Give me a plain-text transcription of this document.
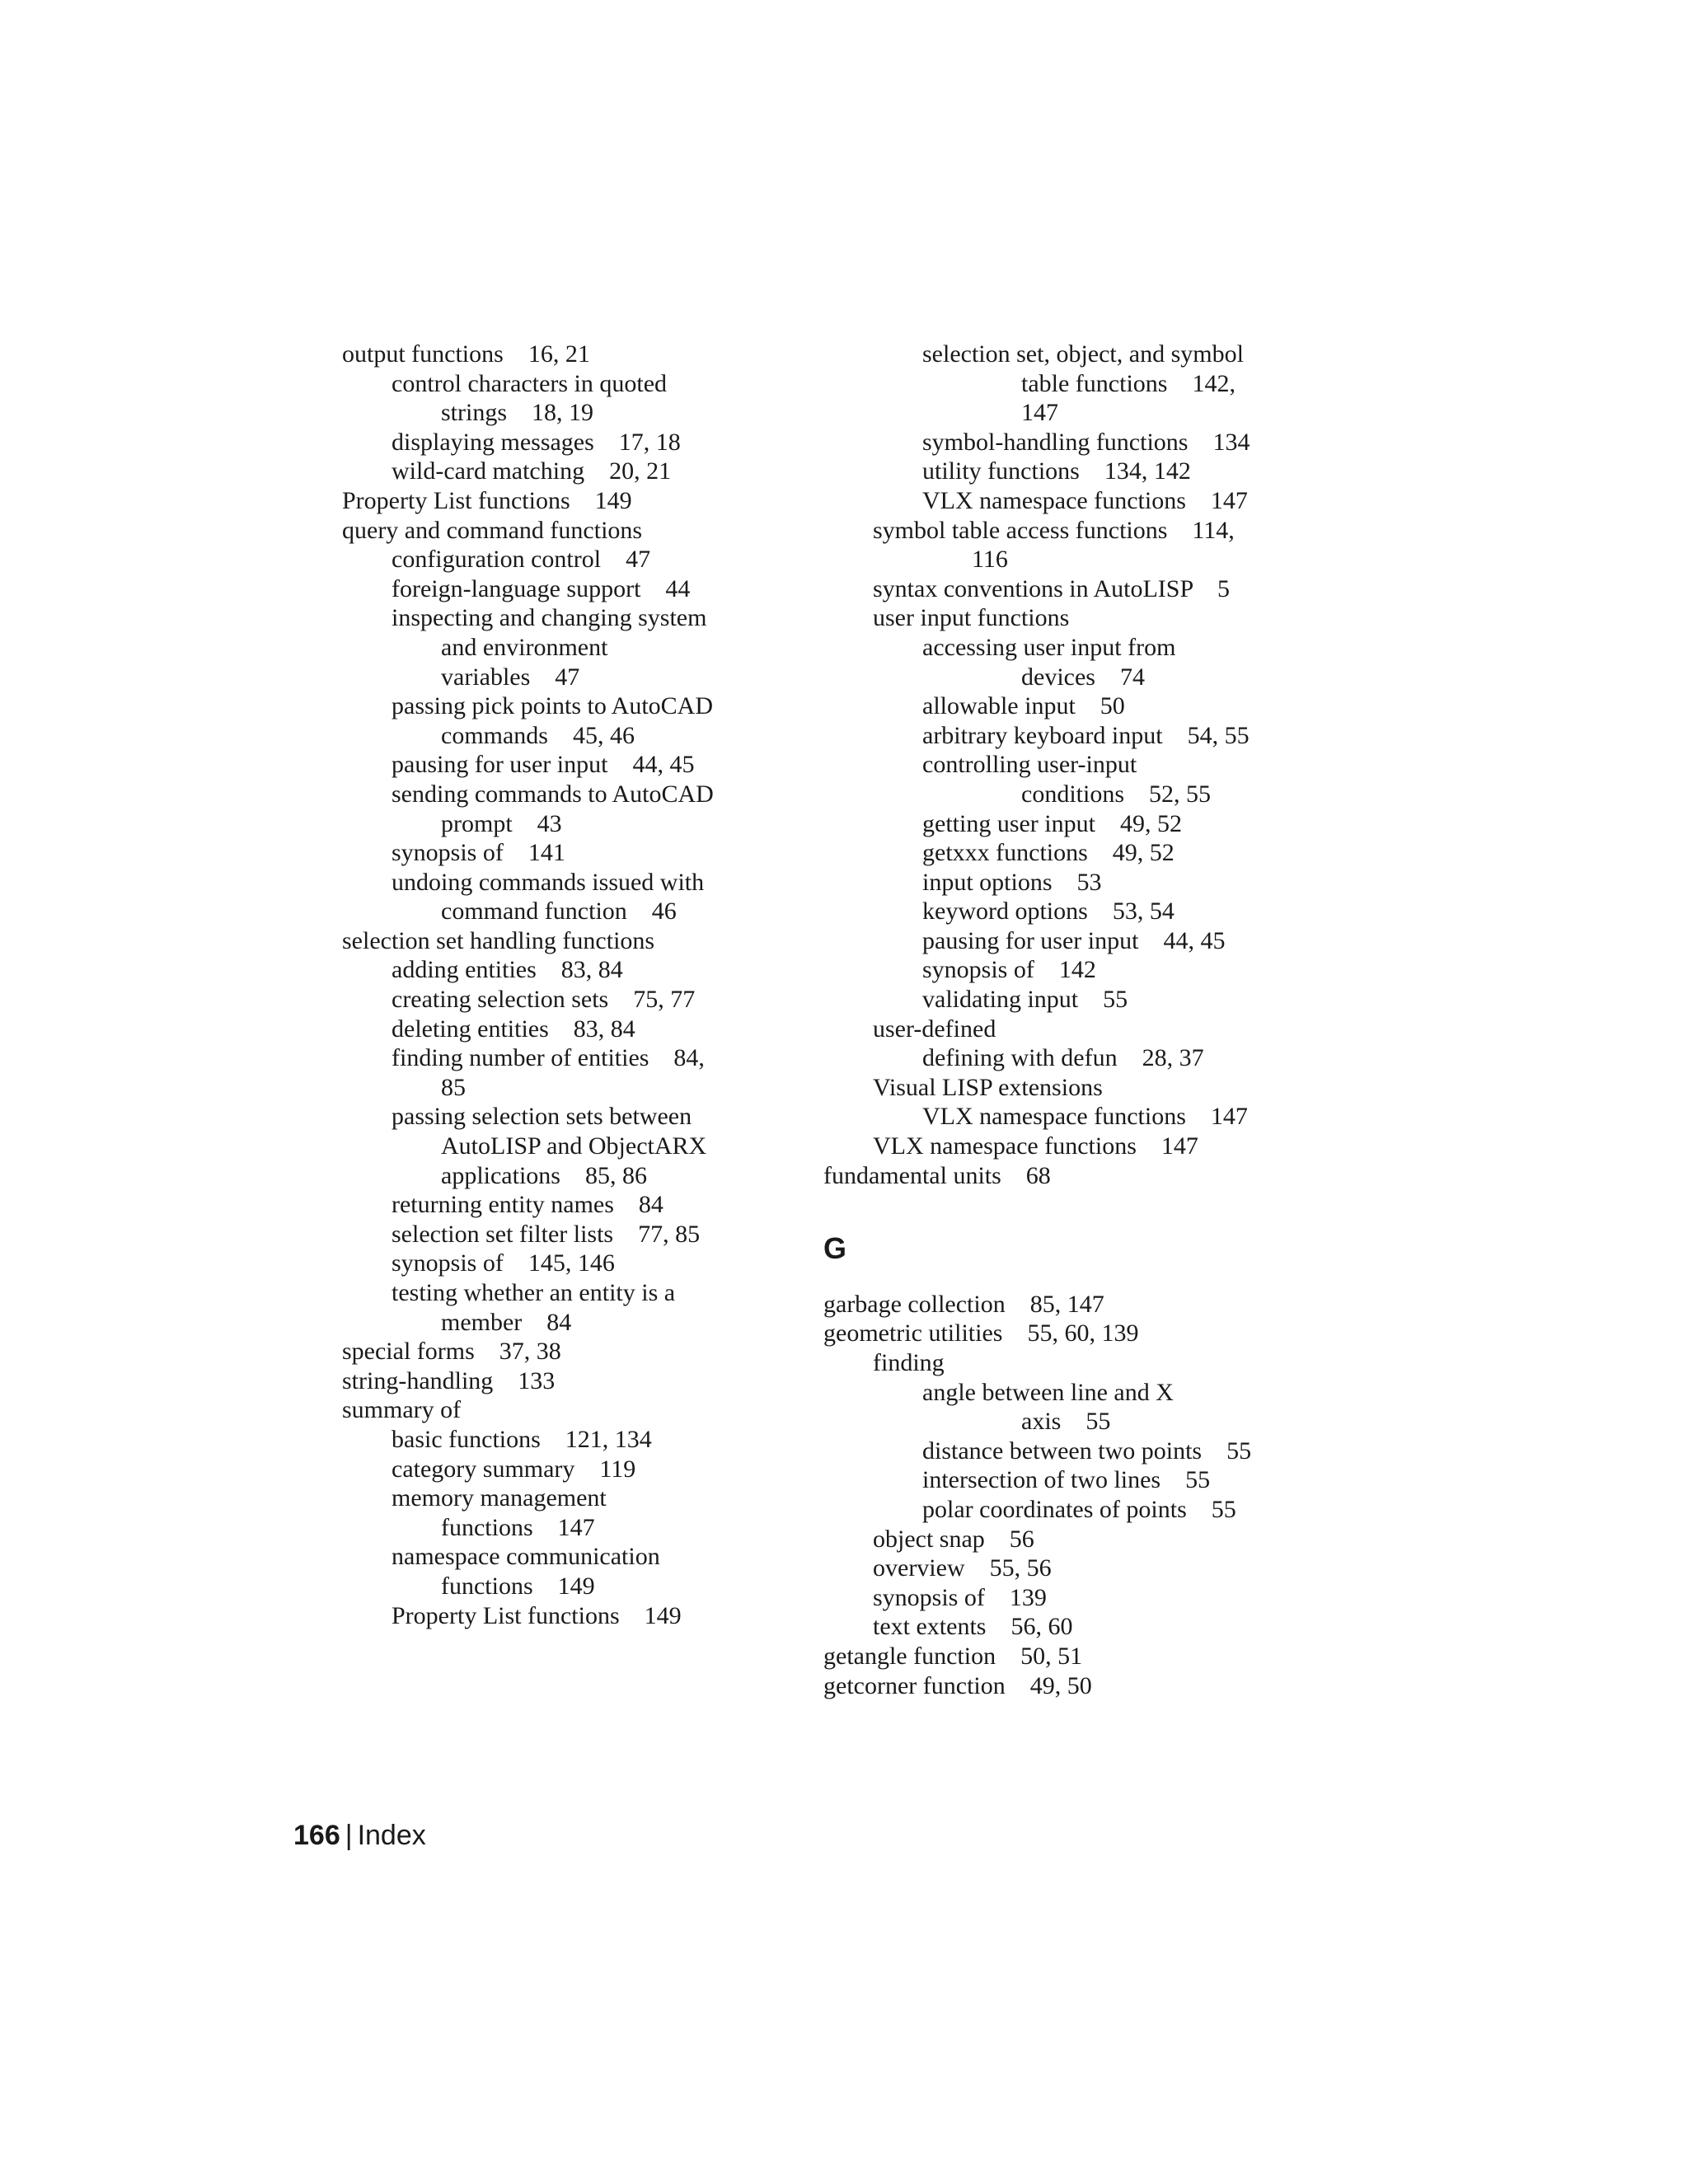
output functions    16, 21
control characters in quoted
strings    18, 19
displaying messages    17, 18
wild-card matching    20, 21
Property List functions    149
query and command functions
configuration control    47
foreign-language support    44
inspecting and changing system
and environment
variables    47
passing pick points to AutoCAD
commands    45, 46
pausing for user input    44, 45
sending commands to AutoCAD
prompt    43
synopsis of    141
undoing commands issued with
command function    46
selection set handling functions
adding entities    83, 84
creating selection sets    75, 77
deleting entities    83, 84
finding number of entities    84,
85
passing selection sets between
AutoLISP and ObjectARX
applications    85, 86
returning entity names    84
selection set filter lists    77, 85
synopsis of    145, 146
testing whether an entity is a
member    84
special forms    37, 38
string-handling    133
summary of
basic functions    121, 134
category summary    119
memory management
functions    147
namespace communication
functions    149
Property List functions    149
selection set, object, and symbol
table functions    142,
147
symbol-handling functions    134
utility functions    134, 142
VLX namespace functions    147
symbol table access functions    114,
116
syntax conventions in AutoLISP    5
user input functions
accessing user input from
devices    74
allowable input    50
arbitrary keyboard input    54, 55
controlling user-input
conditions    52, 55
getting user input    49, 52
getxxx functions    49, 52
input options    53
keyword options    53, 54
pausing for user input    44, 45
synopsis of    142
validating input    55
user-defined
defining with defun    28, 37
Visual LISP extensions
VLX namespace functions    147
VLX namespace functions    147
fundamental units    68
G
garbage collection    85, 147
geometric utilities    55, 60, 139
finding
angle between line and X
axis    55
distance between two points    55
intersection of two lines    55
polar coordinates of points    55
object snap    56
overview    55, 56
synopsis of    139
text extents    56, 60
getangle function    50, 51
getcorner function    49, 50
166 | Index
